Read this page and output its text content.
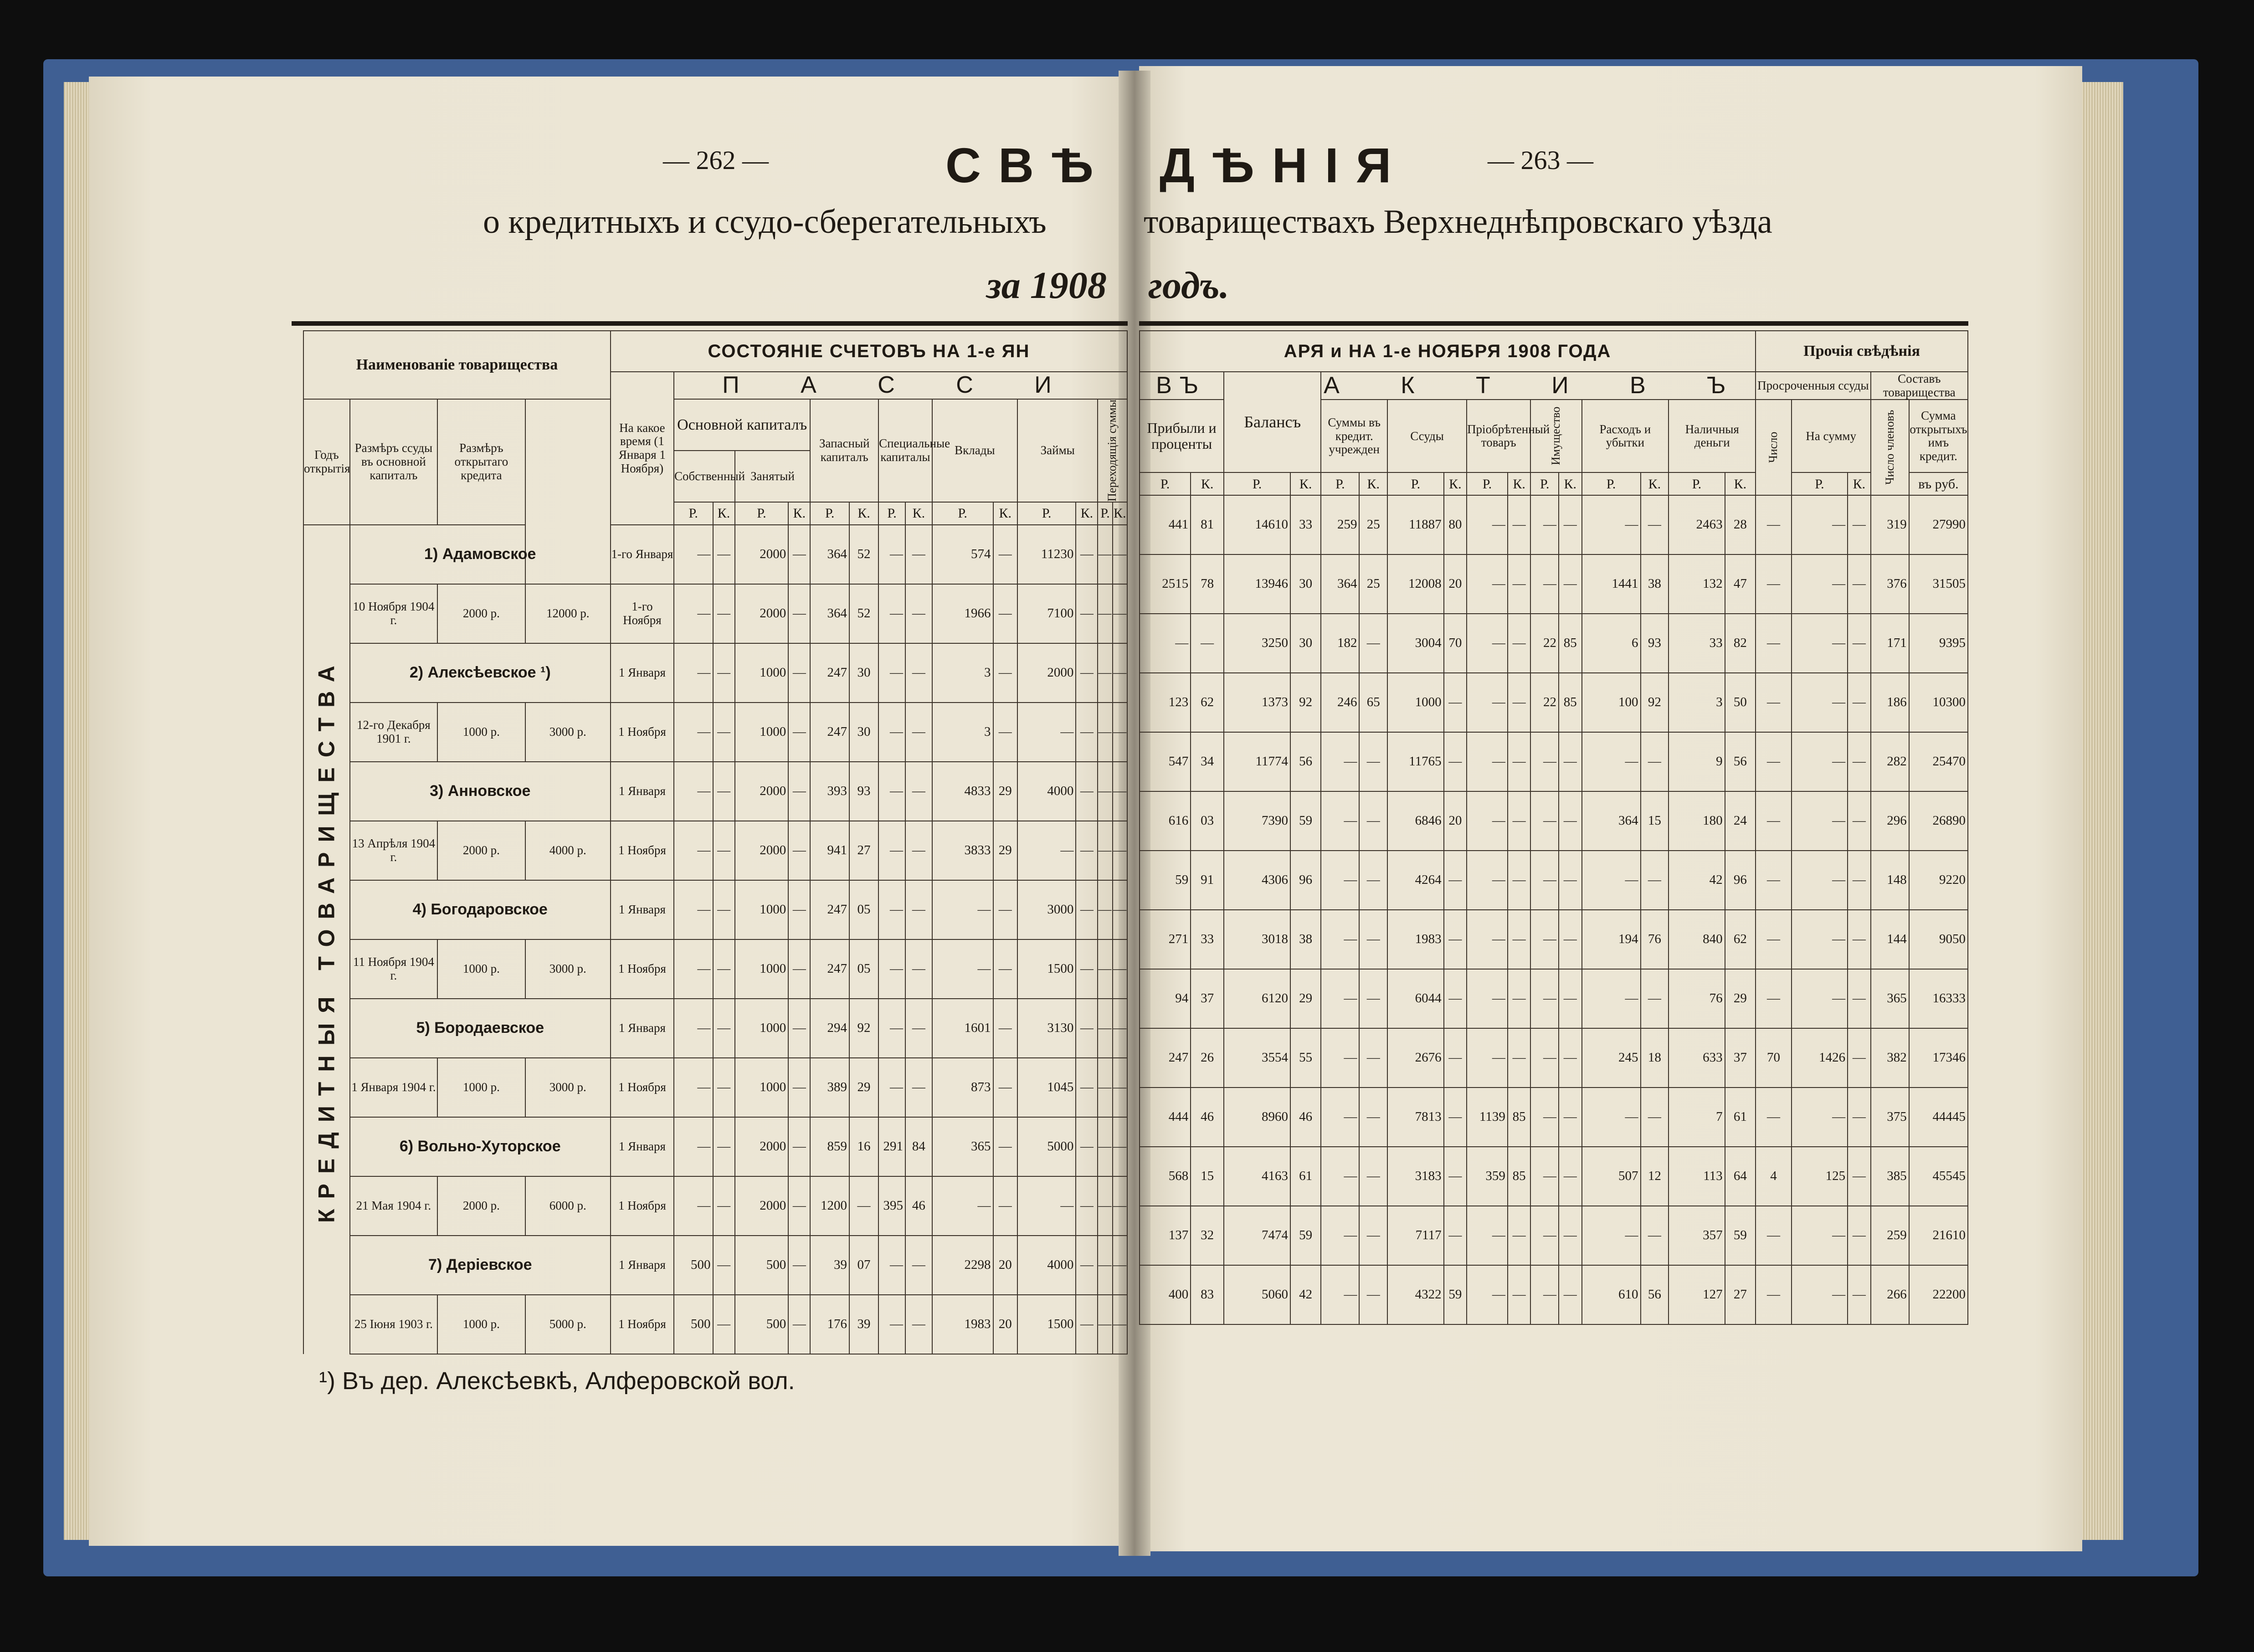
— 262 —	— 263 —
СВѢ ДѢНІЯ
о кредитныхъ и ссудо-сберегательныхъ	товариществахъ Верхнеднѣпровскаго уѣзда
за 1908 годъ.
Наименованіе товарищества				СОСТОЯНІЕ СЧЕТОВЪ НА 1-е ЯН														
				На какое время (1 Января 1 Ноября)	П А С С И													
Годъ открытія	Размѣръ ссуды въ основной капиталъ	Размѣръ открытаго кредита			Основной капиталъ				Запасный капиталъ		Специальные капиталы		Вклады		Займы		Переходящія суммы	
					Собственный		Занятый											
					Р.	К.	Р.	К.	Р.	К.	Р.	К.	Р.	К.	Р.	К.	Р.	К.
КРЕДИТНЫЯ ТОВАРИЩЕСТВА	1) Адамовское			1-го Января	—	—	2000	—	364	52	—	—	574	—	11230	—	—	—
	10 Ноября 1904 г.	2000 р.	12000 р.	1-го Ноября	—	—	2000	—	364	52	—	—	1966	—	7100	—	—	—
	2) Алексѣевское ¹)			1 Января	—	—	1000	—	247	30	—	—	3	—	2000	—	—	—
	12-го Декабря 1901 г.	1000 р.	3000 р.	1 Ноября	—	—	1000	—	247	30	—	—	3	—	—	—	—	—
	3) Анновское			1 Января	—	—	2000	—	393	93	—	—	4833	29	4000	—	—	—
	13 Апрѣля 1904 г.	2000 р.	4000 р.	1 Ноября	—	—	2000	—	941	27	—	—	3833	29	—	—	—	—
	4) Богодаровское			1 Января	—	—	1000	—	247	05	—	—	—	—	3000	—	—	—
	11 Ноября 1904 г.	1000 р.	3000 р.	1 Ноября	—	—	1000	—	247	05	—	—	—	—	1500	—	—	—
	5) Бородаевское			1 Января	—	—	1000	—	294	92	—	—	1601	—	3130	—	—	—
	1 Января 1904 г.	1000 р.	3000 р.	1 Ноября	—	—	1000	—	389	29	—	—	873	—	1045	—	—	—
	6) Вольно-Хуторское			1 Января	—	—	2000	—	859	16	291	84	365	—	5000	—	—	—
	21 Мая 1904 г.	2000 р.	6000 р.	1 Ноября	—	—	2000	—	1200	—	395	46	—	—	—	—	—	—
	7) Деріевское			1 Января	500	—	500	—	39	07	—	—	2298	20	4000	—	—	—
	25 Іюня 1903 г.	1000 р.	5000 р.	1 Ноября	500	—	500	—	176	39	—	—	1983	20	1500	—	—	—
АРЯ и НА 1-е НОЯБРЯ 1908 ГОДА																Прочія свѣдѣнія				
ВЪ		Балансъ		А К Т И В Ъ												Просроченныя ссуды			Составъ товарищества	
Прибыли и проценты				Суммы въ кредит. учрежден		Ссуды		Пріобрѣтенный товаръ		Имущество		Расходъ и убытки		Наличныя деньги		Число	На сумму		Число членовъ	Сумма открытыхъ имъ кредит.

Р.	К.	Р.	К.	Р.	К.	Р.	К.	Р.	К.	Р.	К.	Р.	К.	Р.	К.		Р.	К.		въ руб.
441	81	14610	33	259	25	11887	80	—	—	—	—	—	—	2463	28	—	—	—	319	27990
2515	78	13946	30	364	25	12008	20	—	—	—	—	1441	38	132	47	—	—	—	376	31505
—	—	3250	30	182	—	3004	70	—	—	22	85	6	93	33	82	—	—	—	171	9395
123	62	1373	92	246	65	1000	—	—	—	22	85	100	92	3	50	—	—	—	186	10300
547	34	11774	56	—	—	11765	—	—	—	—	—	—	—	9	56	—	—	—	282	25470
616	03	7390	59	—	—	6846	20	—	—	—	—	364	15	180	24	—	—	—	296	26890
59	91	4306	96	—	—	4264	—	—	—	—	—	—	—	42	96	—	—	—	148	9220
271	33	3018	38	—	—	1983	—	—	—	—	—	194	76	840	62	—	—	—	144	9050
94	37	6120	29	—	—	6044	—	—	—	—	—	—	—	76	29	—	—	—	365	16333
247	26	3554	55	—	—	2676	—	—	—	—	—	245	18	633	37	70	1426	—	382	17346
444	46	8960	46	—	—	7813	—	1139	85	—	—	—	—	7	61	—	—	—	375	44445
568	15	4163	61	—	—	3183	—	359	85	—	—	507	12	113	64	4	125	—	385	45545
137	32	7474	59	—	—	7117	—	—	—	—	—	—	—	357	59	—	—	—	259	21610
400	83	5060	42	—	—	4322	59	—	—	—	—	610	56	127	27	—	—	—	266	22200
¹) Въ дер. Алексѣевкѣ, Алферовской вол.
